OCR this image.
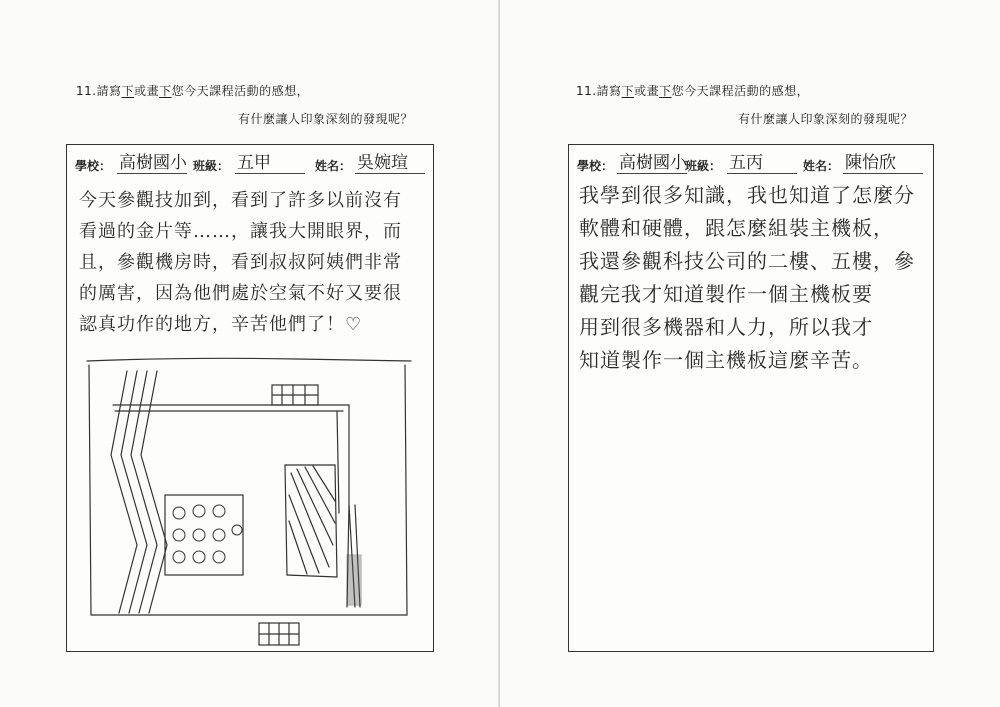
11.請寫下或畫下您今天課程活動的感想，
有什麼讓人印象深刻的發現呢？
學校： 高樹國小 班級： 五甲	姓名： 吳婉瑄
今天參觀技加到，看到了許多以前沒有
看過的金片等……，讓我大開眼界，而
且，參觀機房時，看到叔叔阿姨們非常
的厲害，因為他們處於空氣不好又要很
認真功作的地方，辛苦他們了！♡
11.請寫下或畫下您今天課程活動的感想，
有什麼讓人印象深刻的發現呢？
學校： 高樹國小
班級： 五丙	姓名： 陳怡欣
我學到很多知識，我也知道了怎麼分
軟體和硬體，跟怎麼組裝主機板，
我還參觀科技公司的二樓、五樓，參
觀完我才知道製作一個主機板要
用到很多機器和人力，所以我才
知道製作一個主機板這麼辛苦。
